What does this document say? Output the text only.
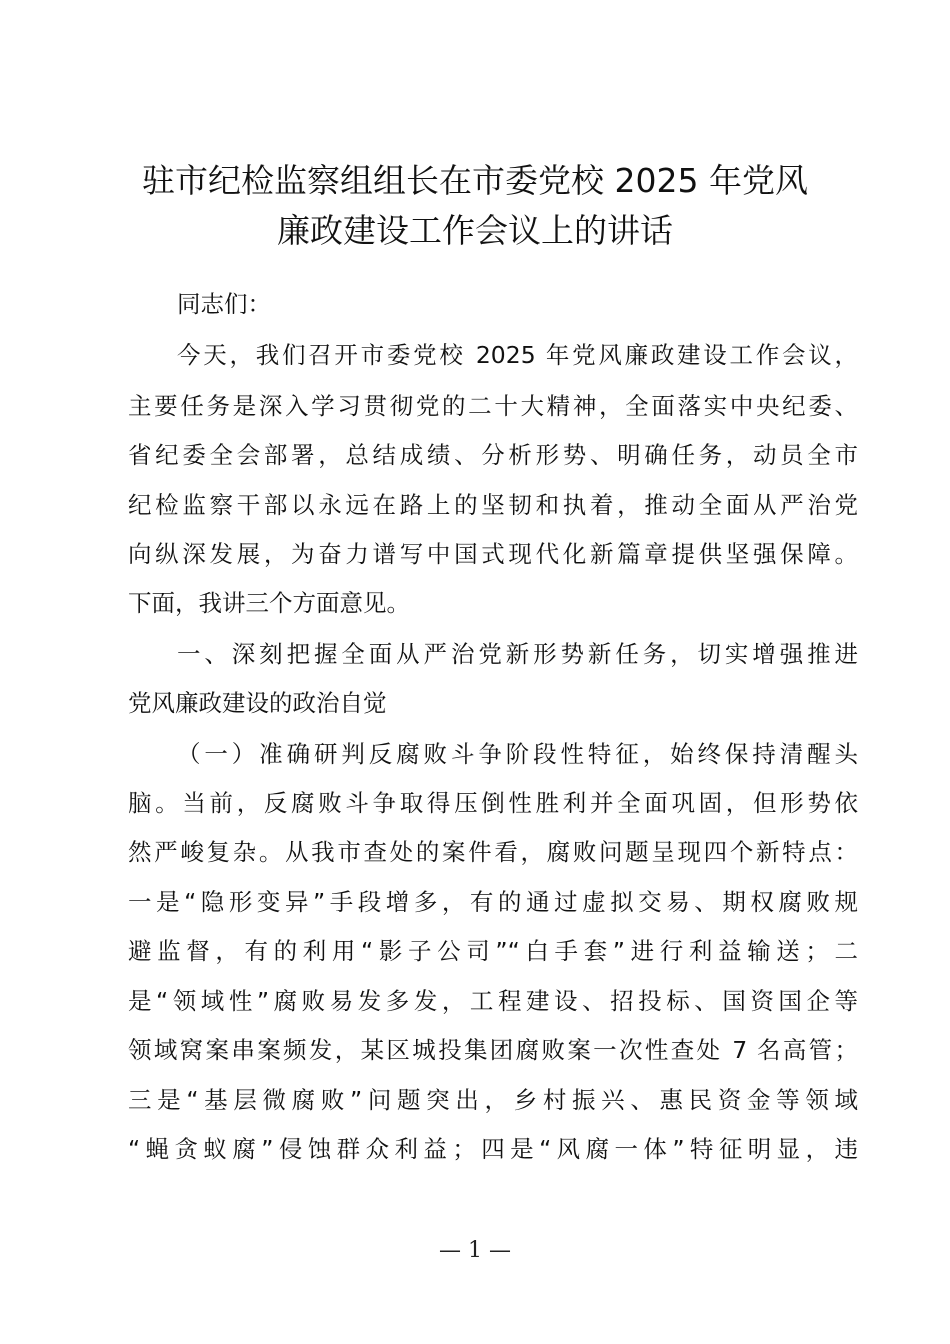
驻市纪检监察组组长在市委党校 2025 年党风
廉政建设工作会议上的讲话
同志们：
今天，我们召开市委党校 2025 年党风廉政建设工作会议，
主要任务是深入学习贯彻党的二十大精神，全面落实中央纪委、
省纪委全会部署，总结成绩、分析形势、明确任务，动员全市
纪检监察干部以永远在路上的坚韧和执着，推动全面从严治党
向纵深发展，为奋力谱写中国式现代化新篇章提供坚强保障。
下面，我讲三个方面意见。
一、深刻把握全面从严治党新形势新任务，切实增强推进
党风廉政建设的政治自觉
（一）准确研判反腐败斗争阶段性特征，始终保持清醒头
脑。当前，反腐败斗争取得压倒性胜利并全面巩固，但形势依
然严峻复杂。从我市查处的案件看，腐败问题呈现四个新特点：
一是“隐形变异”手段增多，有的通过虚拟交易、期权腐败规
避监督，有的利用“影子公司”“白手套”进行利益输送；二
是“领域性”腐败易发多发，工程建设、招投标、国资国企等
领域窝案串案频发，某区城投集团腐败案一次性查处 7 名高管；
三是“基层微腐败”问题突出，乡村振兴、惠民资金等领域
“蝇贪蚁腐”侵蚀群众利益；四是“风腐一体”特征明显，违
— 1 —
